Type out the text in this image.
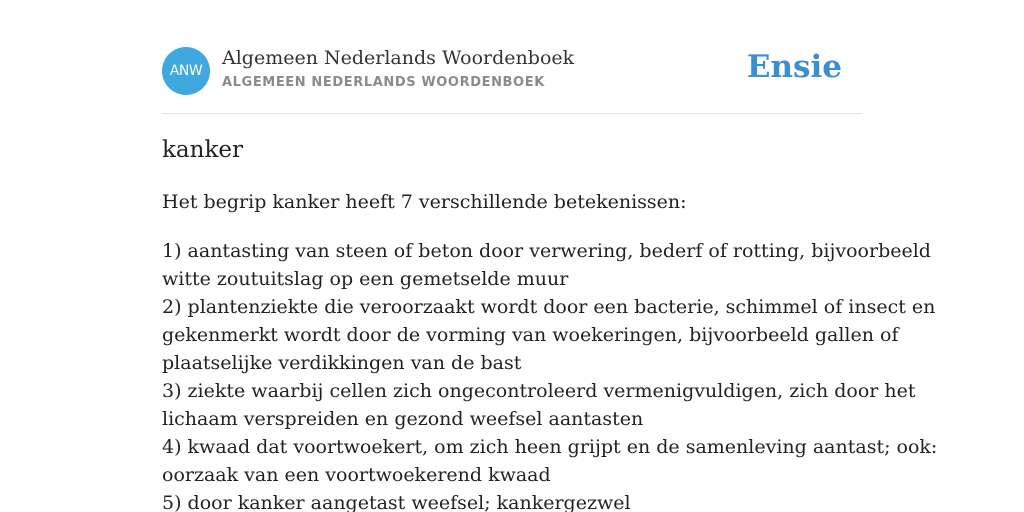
ANW
Algemeen Nederlands Woordenboek
ALGEMEEN NEDERLANDS WOORDENBOEK	Ensie
kanker

Het begrip kanker heeft 7 verschillende betekenissen:

1) aantasting van steen of beton door verwering, bederf of rotting, bijvoorbeeld
witte zoutuitslag op een gemetselde muur
2) plantenziekte die veroorzaakt wordt door een bacterie, schimmel of insect en
gekenmerkt wordt door de vorming van woekeringen, bijvoorbeeld gallen of
plaatselijke verdikkingen van de bast
3) ziekte waarbij cellen zich ongecontroleerd vermenigvuldigen, zich door het
lichaam verspreiden en gezond weefsel aantasten
4) kwaad dat voortwoekert, om zich heen grijpt en de samenleving aantast; ook:
oorzaak van een voortwoekerend kwaad
5) door kanker aangetast weefsel; kankergezwel
